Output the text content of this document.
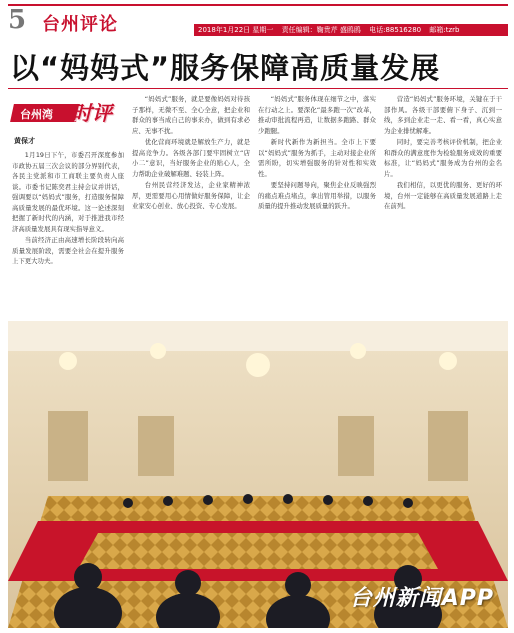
5 台州评论	2018年1月22日 星期一 责任编辑：鞠贵芹 盛鸥鸥 电话:88516280 邮箱:tzrb
以“妈妈式”服务保障高质量发展
台州湾 时评
黄保才

1月19日下午，市委召开深度参加市政协五届三次会议的部分界别代表，各民主党派和市工商联主要负责人座谈。市委书记陈奕君主持会议并讲话，强调要以“妈妈式”服务，打造服务保障高质量发展的最优环境。这一论述深刻把握了新时代的内涵，对于推进我市经济高质量发展具有现实指导意义。

当前经济正由高速增长阶段转向高质量发展阶段，需要全社会在提升服务上下更大功夫。

“妈妈式”服务，就是要像妈妈对待孩子那样，无微不至、全心全意，把企业和群众的事当成自己的事来办，做到有求必应、无事不扰。

优化营商环境就是解放生产力，就是提高竞争力。各级各部门要牢固树立“店小二”意识，当好服务企业的贴心人，全力帮助企业破解难题、轻装上阵。

台州民营经济发达，企业家精神浓厚，更需要用心用情做好服务保障，让企业家安心创业、放心投资、专心发展。

“妈妈式”服务体现在细节之中，落实在行动之上。要深化“最多跑一次”改革，推动审批流程再造，让数据多跑路、群众少跑腿。

新时代新作为新担当。全市上下要以“妈妈式”服务为抓手，主动对接企业所需所盼，切实增强服务的针对性和实效性。

要坚持问题导向，聚焦企业反映强烈的痛点难点堵点，拿出管用举措，以服务质量的提升推动发展质量的跃升。

营造“妈妈式”服务环境，关键在于干部作风。各级干部要俯下身子、沉到一线，多到企业走一走、看一看，真心实意为企业排忧解难。

同时，要完善考核评价机制，把企业和群众的满意度作为检验服务成效的重要标准，让“妈妈式”服务成为台州的金名片。

我们相信，以更优的服务、更好的环境，台州一定能够在高质量发展道路上走在前列。

台州新闻APP
